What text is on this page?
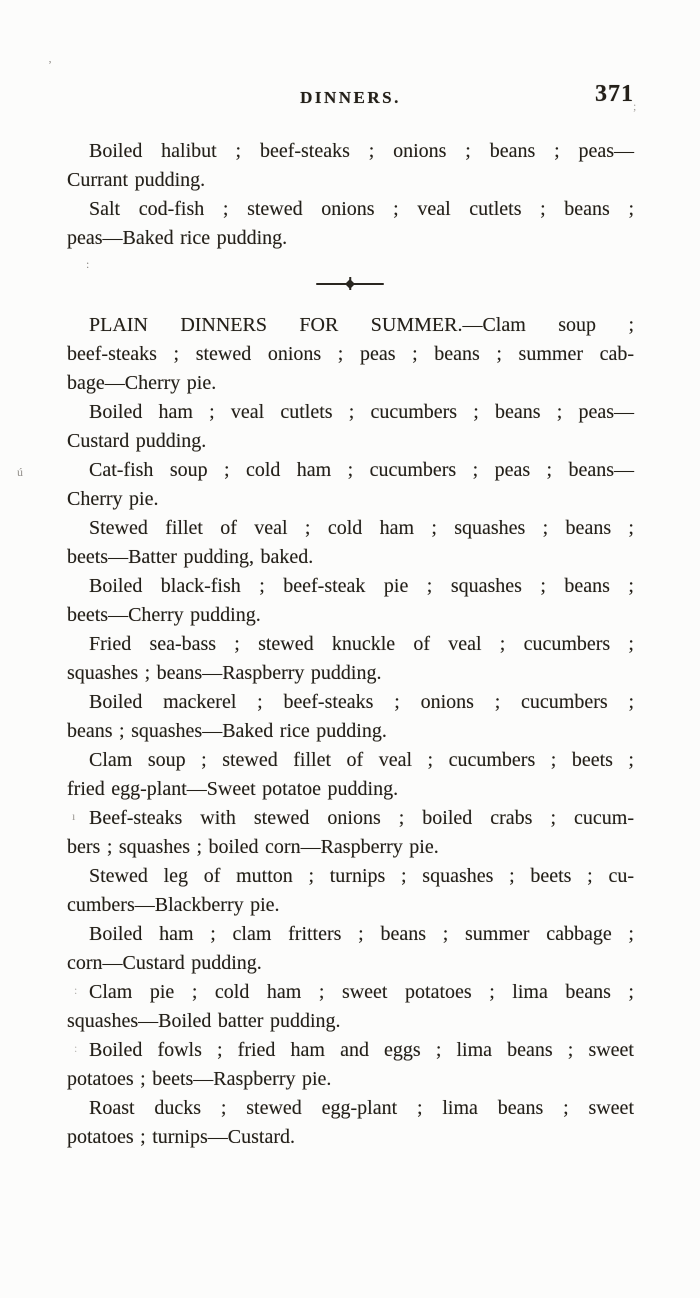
DINNERS.	371
Boiled halibut ; beef-steaks ; onions ; beans ; peas—
Currant pudding.
Salt cod-fish ; stewed onions ; veal cutlets ; beans ;
peas—Baked rice pudding.
PLAIN DINNERS FOR SUMMER.—Clam soup ;
beef-steaks ; stewed onions ; peas ; beans ; summer cab-
bage—Cherry pie.
Boiled ham ; veal cutlets ; cucumbers ; beans ; peas—
Custard pudding.
Cat-fish soup ; cold ham ; cucumbers ; peas ; beans—
Cherry pie.
Stewed fillet of veal ; cold ham ; squashes ; beans ;
beets—Batter pudding, baked.
Boiled black-fish ; beef-steak pie ; squashes ; beans ;
beets—Cherry pudding.
Fried sea-bass ; stewed knuckle of veal ; cucumbers ;
squashes ; beans—Raspberry pudding.
Boiled mackerel ; beef-steaks ; onions ; cucumbers ;
beans ; squashes—Baked rice pudding.
Clam soup ; stewed fillet of veal ; cucumbers ; beets ;
fried egg-plant—Sweet potatoe pudding.
Beef-steaks with stewed onions ; boiled crabs ; cucum-
bers ; squashes ; boiled corn—Raspberry pie.
Stewed leg of mutton ; turnips ; squashes ; beets ; cu-
cumbers—Blackberry pie.
Boiled ham ; clam fritters ; beans ; summer cabbage ;
corn—Custard pudding.
Clam pie ; cold ham ; sweet potatoes ; lima beans ;
squashes—Boiled batter pudding.
Boiled fowls ; fried ham and eggs ; lima beans ; sweet
potatoes ; beets—Raspberry pie.
Roast ducks ; stewed egg-plant ; lima beans ; sweet
potatoes ; turnips—Custard.
‚
;
:
ú
ı
:
:
